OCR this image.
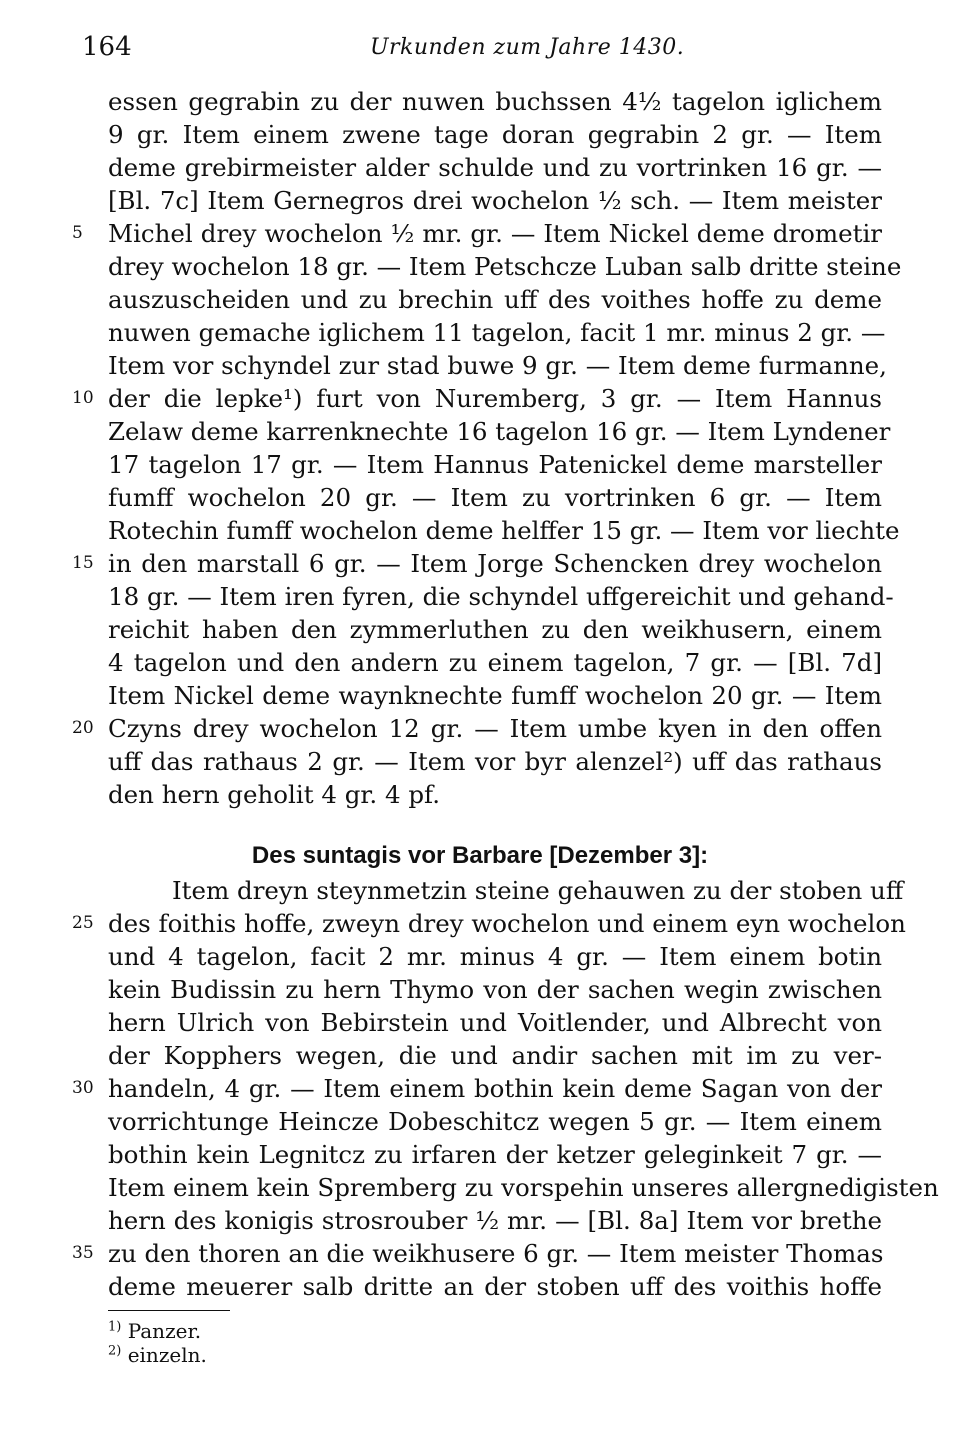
164	Urkunden zum Jahre 1430.
essen gegrabin zu der nuwen buchssen 4½ tagelon iglichem
9 gr. Item einem zwene tage doran gegrabin 2 gr. — Item
deme grebirmeister alder schulde und zu vortrinken 16 gr. —
[Bl. 7c] Item Gernegros drei wochelon ½ sch. — Item meister
Michel drey wochelon ½ mr. gr. — Item Nickel deme drometir
drey wochelon 18 gr. — Item Petschcze Luban salb dritte steine
auszuscheiden und zu brechin uff des voithes hoffe zu deme
nuwen gemache iglichem 11 tagelon, facit 1 mr. minus 2 gr. —
Item vor schyndel zur stad buwe 9 gr. — Item deme furmanne,
der die lepke¹) furt von Nuremberg, 3 gr. — Item Hannus
Zelaw deme karrenknechte 16 tagelon 16 gr. — Item Lyndener
17 tagelon 17 gr. — Item Hannus Patenickel deme marsteller
fumff wochelon 20 gr. — Item zu vortrinken 6 gr. — Item
Rotechin fumff wochelon deme helffer 15 gr. — Item vor liechte
in den marstall 6 gr. — Item Jorge Schencken drey wochelon
18 gr. — Item iren fyren, die schyndel uffgereichit und gehand-
reichit haben den zymmerluthen zu den weikhusern, einem
4 tagelon und den andern zu einem tagelon, 7 gr. — [Bl. 7d]
Item Nickel deme waynknechte fumff wochelon 20 gr. — Item
Czyns drey wochelon 12 gr. — Item umbe kyen in den offen
uff das rathaus 2 gr. — Item vor byr alenzel²) uff das rathaus
den hern geholit 4 gr. 4 pf.
5
10
15
20
Des suntagis vor Barbare [Dezember 3]:
Item dreyn steynmetzin steine gehauwen zu der stoben uff
des foithis hoffe, zweyn drey wochelon und einem eyn wochelon
und 4 tagelon, facit 2 mr. minus 4 gr. — Item einem botin
kein Budissin zu hern Thymo von der sachen wegin zwischen
hern Ulrich von Bebirstein und Voitlender, und Albrecht von
der Kopphers wegen, die und andir sachen mit im zu ver-
handeln, 4 gr. — Item einem bothin kein deme Sagan von der
vorrichtunge Heincze Dobeschitcz wegen 5 gr. — Item einem
bothin kein Legnitcz zu irfaren der ketzer geleginkeit 7 gr. —
Item einem kein Spremberg zu vorspehin unseres allergnedigisten
hern des konigis strosrouber ½ mr. — [Bl. 8a] Item vor brethe
zu den thoren an die weikhusere 6 gr. — Item meister Thomas
deme meuerer salb dritte an der stoben uff des voithis hoffe
25
30
35
$^{1)}$ Panzer.
$^{2)}$ einzeln.
